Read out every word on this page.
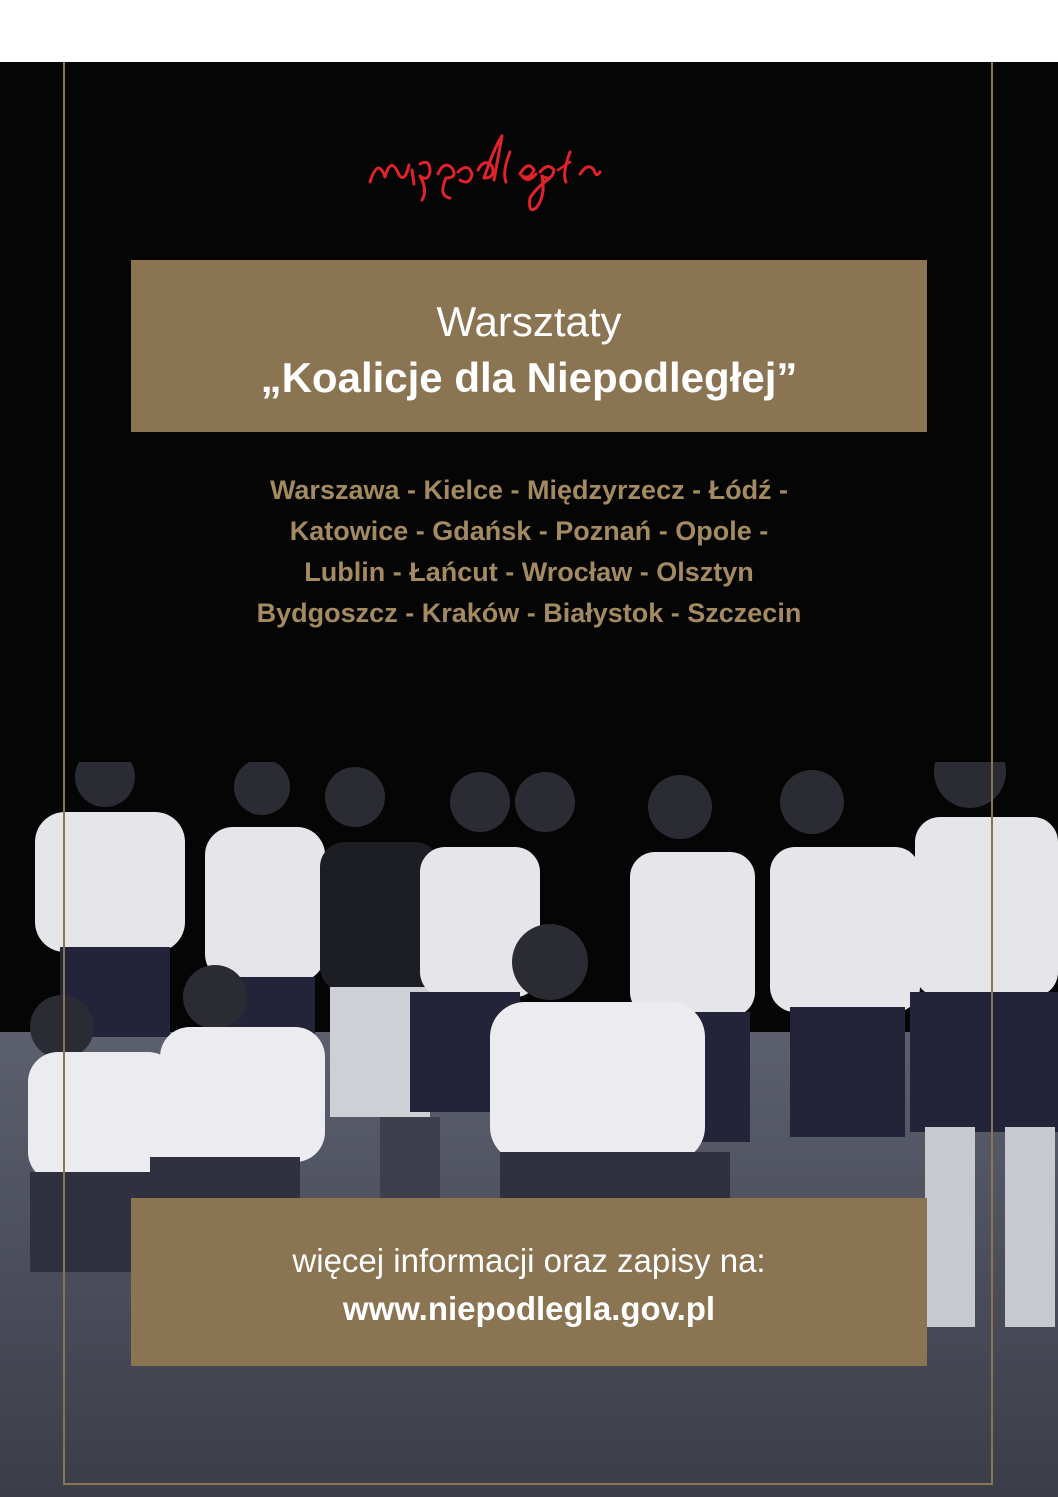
Warsztaty
„Koalicje dla Niepodległej”
Warszawa - Kielce - Międzyrzecz - Łódź -
Katowice - Gdańsk - Poznań - Opole -
Lublin - Łańcut - Wrocław - Olsztyn
Bydgoszcz - Kraków - Białystok - Szczecin
więcej informacji oraz zapisy na:
www.niepodlegla.gov.pl
